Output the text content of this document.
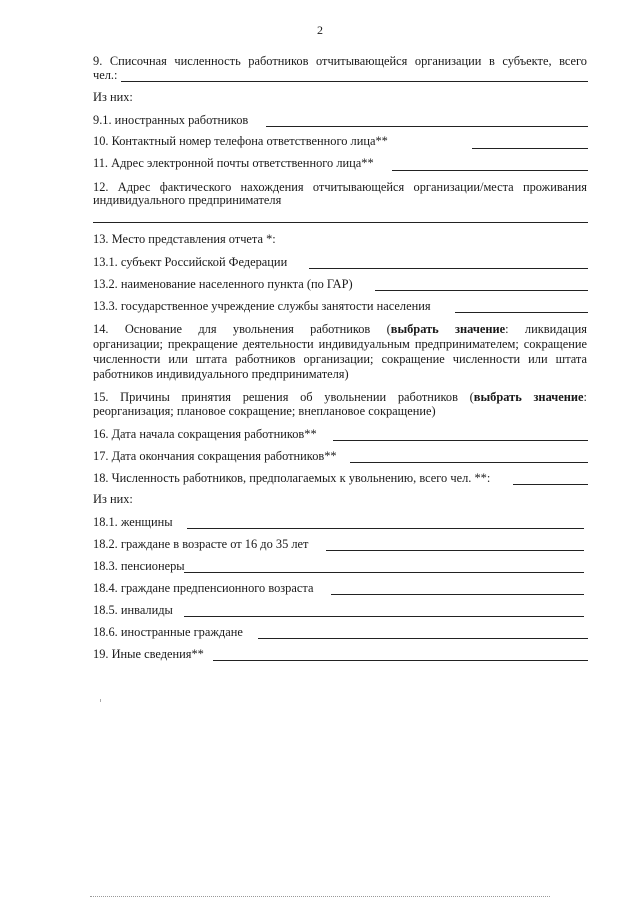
2
9. Списочная численность работников отчитывающейся организации в субъекте, всего
чел.:
Из них:
9.1. иностранных работников
10. Контактный номер телефона ответственного лица**
11. Адрес электронной почты ответственного лица**
12. Адрес фактического нахождения отчитывающейся организации/места проживания
индивидуального предпринимателя
13. Место представления отчета *:
13.1. субъект Российской Федерации
13.2. наименование населенного пункта (по ГАР)
13.3. государственное учреждение службы занятости населения
14. Основание для увольнения работников (выбрать значение: ликвидация
организации; прекращение деятельности индивидуальным предпринимателем; сокращение
численности или штата работников организации; сокращение численности или штата
работников индивидуального предпринимателя)
15. Причины принятия решения об увольнении работников (выбрать значение:
реорганизация; плановое сокращение; внеплановое сокращение)
16. Дата начала сокращения работников**
17. Дата окончания сокращения работников**
18. Численность работников, предполагаемых к увольнению, всего чел. **:
Из них:
18.1. женщины
18.2. граждане в возрасте от 16 до 35 лет
18.3. пенсионеры
18.4. граждане предпенсионного возраста
18.5. инвалиды
18.6. иностранные граждане
19. Иные сведения**
